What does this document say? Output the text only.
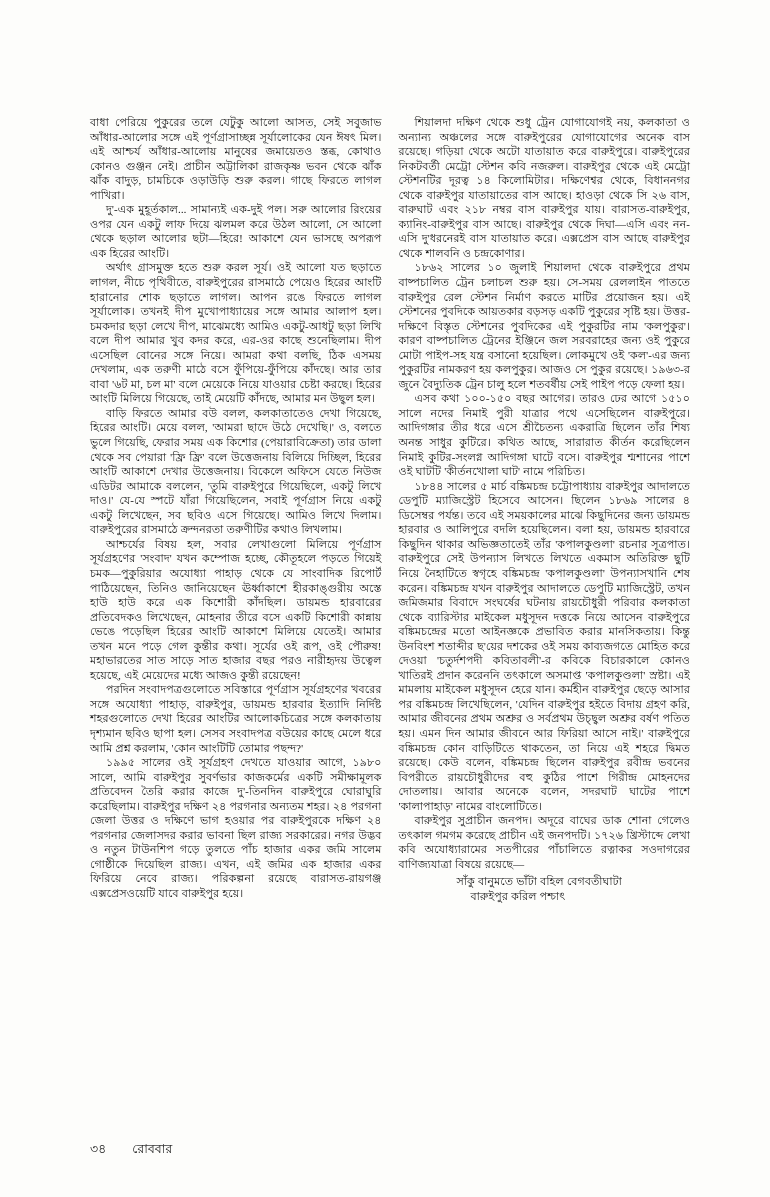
বাধা পেরিয়ে পুকুরের তলে যেটুকু আলো আসত, সেই সবুজাভ আঁধার-আলোর সঙ্গে এই পূর্ণগ্রাসাচ্ছন্ন সূর্যালোকের যেন ঈষৎ মিল। এই আশ্চর্য আঁধার-আলোয় মানুষের জমায়েতও স্তব্ধ, কোথাও কোনও গুঞ্জন নেই। প্রাচীন অট্টালিকা রাজকৃষ্ণ ভবন থেকে ঝাঁক ঝাঁক বাদুড়, চামচিকে ওড়াউড়ি শুরু করল। গাছে ফিরতে লাগল পাখিরা।

দু'-এক মুহূর্তকাল... সামান্যই এক-দুই পল। সরু আলোর রিংয়ের ওপর যেন একটু লাফ দিয়ে ঝলমল করে উঠল আলো, সে আলো থেকে ছড়াল আলোর ছটা—হিরে! আকাশে যেন ভাসছে অপরূপ এক হিরের আংটি।

অর্থাৎ গ্রাসমুক্ত হতে শুরু করল সূর্য। ওই আলো যত ছড়াতে লাগল, নীচে পৃথিবীতে, বারুইপুরের রাসমাঠে পেয়েও হিরের আংটি হারানোর শোক ছড়াতে লাগল। আপন রঙে ফিরতে লাগল সূর্যালোক। তখনই দীপ মুখোপাধ্যায়ের সঙ্গে আমার আলাপ হল। চমকদার ছড়া লেখে দীপ, মাঝেমধ্যে আমিও একটু-আধটু ছড়া লিখি বলে দীপ আমার খুব কদর করে, এর-ওর কাছে শুনেছিলাম। দীপ এসেছিল বোনের সঙ্গে নিয়ে। আমরা কথা বলছি, ঠিক এসময় দেখলাম, এক তরুণী মাঠে বসে ফুঁপিয়ে-ফুঁপিয়ে কাঁদছে। আর তার বাবা '৬ট মা, চল মা' বলে মেয়েকে নিয়ে যাওয়ার চেষ্টা করছে। হিরের আংটি মিলিয়ে গিয়েছে, তাই মেয়েটি কাঁদছে, আমার মন উছ্বল হল।

বাড়ি ফিরতে আমার বউ বলল, কলকাতাতেও দেখা গিয়েছে, হিরের আংটি। মেয়ে বলল, 'আমরা ছাদে উঠে দেখেছি।' ও, বলতে ভুলে গিয়েছি, ফেরার সময় এক কিশোর (পেয়ারাবিক্রেতা) তার ডালা থেকে সব পেয়ারা 'ফ্রি ফ্রি' বলে উত্তেজনায় বিলিয়ে দিচ্ছিল, হিরের আংটি আকাশে দেখার উত্তেজনায়। বিকেলে অফিসে যেতে নিউজ এডিটর আমাকে বললেন, 'তুমি বারুইপুরে গিয়েছিলে, একটু লিখে দাও।' যে-যে স্পটে যাঁরা গিয়েছিলেন, সবাই পূর্ণগ্রাস নিয়ে একটু একটু লিখেছেন, সব ছবিও এসে গিয়েছে। আমিও লিখে দিলাম। বারুইপুরের রাসমাঠে ক্রন্দনরতা তরুণীটির কথাও লিখলাম।

আশ্চর্যের বিষয় হল, সবার লেখাগুলো মিলিয়ে পূর্ণগ্রাস সূর্যগ্রহণের 'সংবাদ' যখন কম্পোজ হচ্ছে, কৌতূহলে পড়তে গিয়েই চমক—পুকুরিয়ার অযোধ্যা পাহাড় থেকে যে সাংবাদিক রিপোর্ট পাঠিয়েছেন, তিনিও জানিয়েছেন ঊর্ধ্বাকাশে হীরকাঙ্গুরীয় অস্তে হাউ হাউ করে এক কিশোরী কাঁদছিল। ডায়মন্ড হারবারের প্রতিবেদকও লিখেছেন, মোহনার তীরে বসে একটি কিশোরী কান্নায় ভেঙে পড়েছিল হিরের আংটি আকাশে মিলিয়ে যেতেই। আমার তখন মনে পড়ে গেল কুন্তীর কথা। সূর্যের ওই রূপ, ওই পৌরুষ! মহাভারতের সাত সাড়ে সাত হাজার বছর পরও নারীহৃদয় উত্বেল হয়েছে, এই মেয়েদের মধ্যে আজও কুন্তী রয়েছেন!

পরদিন সংবাদপত্রগুলোতে সবিস্তারে পূর্ণগ্রাস সূর্যগ্রহণের খবরের সঙ্গে অযোধ্যা পাহাড়, বারুইপুর, ডায়মন্ড হারবার ইত্যাদি নির্দিষ্ট শহরগুলোতে দেখা হিরের আংটির আলোকচিত্রের সঙ্গে কলকাতায় দৃশ্যমান ছবিও ছাপা হল। সেসব সংবাদপত্র বউয়ের কাছে মেলে ধরে আমি প্রশ্ন করলাম, 'কোন আংটিটি তোমার পছন্দ?'

১৯৯৫ সালের ওই সূর্যগ্রহণ দেখতে যাওয়ার আগে, ১৯৮০ সালে, আমি বারুইপুর সুবর্ণভার কাজকর্মের একটি সমীক্ষামূলক প্রতিবেদন তৈরি করার কাজে দু'-তিনদিন বারুইপুরে ঘোরাঘুরি করেছিলাম। বারুইপুর দক্ষিণ ২৪ পরগনার অন্যতম শহর। ২৪ পরগনা জেলা উত্তর ও দক্ষিণে ভাগ হওয়ার পর বারুইপুরকে দক্ষিণ ২৪ পরগনার জেলাসদর করার ভাবনা ছিল রাজ্য সরকারের। নগর উদ্ভব ও নতুন টাউনশিপ গড়ে তুলতে পাঁচ হাজার একর জমি সালেম গোষ্ঠীকে দিয়েছিল রাজ্য। এখন, এই জমির এক হাজার একর ফিরিয়ে নেবে রাজ্য। পরিকল্পনা রয়েছে বারাসত-রায়গঞ্জ এক্সপ্রেসওয়েটি যাবে বারুইপুর হয়ে।

শিয়ালদা দক্ষিণ থেকে শুধু ট্রেন যোগাযোগই নয়, কলকাতা ও অন্যান্য অঞ্চলের সঙ্গে বারুইপুরের যোগাযোগের অনেক বাস রয়েছে। গড়িয়া থেকে অটো যাতায়াত করে বারুইপুরে। বারুইপুরের নিকটবর্তী মেট্রো স্টেশন কবি নজরুল। বারুইপুর থেকে এই মেট্রো স্টেশনটির দূরত্ব ১৪ কিলোমিটার। দক্ষিণেশ্বর থেকে, বিধাননগর থেকে বারুইপুর যাতায়াতের বাস আছে। হাওড়া থেকে সি ২৬ বাস, বারুঘাট এবং ২১৮ নম্বর বাস বারুইপুর যায়। বারাসত-বারুইপুর, ক্যানিং-বারুইপুর বাস আছে। বারুইপুর থেকে দিঘা—এসি এবং নন-এসি দু'ধরনেরই বাস যাতায়াত করে। এক্সপ্রেস বাস আছে বারুইপুর থেকে শালবনি ও চন্দ্রকোণার।

১৮৬২ সালের ১০ জুলাই শিয়ালদা থেকে বারুইপুরে প্রথম বাষ্পচালিত ট্রেন চলাচল শুরু হয়। সে-সময় রেললাইন পাততে বারুইপুর রেল স্টেশন নির্মাণ করতে মাটির প্রয়োজন হয়। এই স্টেশনের পুবদিকে আয়তকার বড়সড় একটি পুকুরের সৃষ্টি হয়। উত্তর-দক্ষিণে বিস্তৃত স্টেশনের পুবদিকের এই পুকুরটির নাম 'কলপুকুর'। কারণ বাষ্পচালিত ট্রেনের ইঞ্জিনে জল সরবরাহের জন্য ওই পুকুরে মোটা পাইপ-সহ যন্ত্র বসানো হয়েছিল। লোকমুখে ওই 'কল'-এর জন্য পুকুরটির নামকরণ হয় কলপুকুর। আজও সে পুকুর রয়েছে। ১৯৬৩-র জুনে বৈদ্যুতিক ট্রেন চালু হলে শতবর্ষীয় সেই পাইপ পড়ে ফেলা হয়।

এসব কথা ১০০-১৫০ বছর আগের। তারও ঢের আগে ১৫১০ সালে নদের নিমাই পুরী যাত্রার পথে এসেছিলেন বারুইপুরে। আদিগঙ্গার তীর ধরে এসে শ্রীচৈতন্য একরাত্রি ছিলেন তাঁর শিষ্য অনন্ত সাধুর কুটিরে। কথিত আছে, সারারাত কীর্তন করেছিলেন নিমাই কুটির-সংলগ্ন আদিগঙ্গা ঘাটে বসে। বারুইপুর শ্মশানের পাশে ওই ঘাটটি 'কীর্তনখোলা ঘাট' নামে পরিচিত।

১৮৪৪ সালের ৫ মার্চ বঙ্কিমচন্দ্র চট্টোপাধ্যায় বারুইপুর আদালতে ডেপুটি ম্যাজিস্ট্রেট হিসেবে আসেন। ছিলেন ১৮৬৯ সালের ৪ ডিসেম্বর পর্যন্ত। তবে এই সময়কালের মাঝে কিছুদিনের জন্য ডায়মন্ড হারবার ও আলিপুরে বদলি হয়েছিলেন। বলা হয়, ডায়মন্ড হারবারে কিছুদিন থাকার অভিজ্ঞতাতেই তাঁর 'কপালকুণ্ডলা' রচনার সূত্রপাত। বারুইপুরে সেই উপন্যাস লিখতে লিখতে একমাস অতিরিক্ত ছুটি নিয়ে নৈহাটিতে স্বগৃহে বঙ্কিমচন্দ্র 'কপালকুণ্ডলা' উপন্যাসখানি শেষ করেন। বঙ্কিমচন্দ্র যখন বারুইপুর আদালতে ডেপুটি ম্যাজিস্ট্রেট, তখন জমিজমার বিবাদে সংঘর্ষের ঘটনায় রায়চৌধুরী পরিবার কলকাতা থেকে ব্যারিস্টার মাইকেল মধুসূদন দত্তকে নিয়ে আসেন বারুইপুরে বঙ্কিমচন্দ্রের মতো আইনজ্ঞকে প্রভাবিত করার মানসিকতায়। কিন্তু উনবিংশ শতাব্দীর ছ'য়ের দশকের ওই সময় কাব্যজগতে মোহিত করে দেওয়া 'চতুর্দশপদী কবিতাবলী'-র কবিকে বিচারকালে কোনও খাতিরই প্রদান করেননি তৎকালে অসমাপ্ত 'কপালকুণ্ডলা' স্রষ্টা। এই মামলায় মাইকেল মধুসূদন হেরে যান। কর্মহীন বারুইপুর ছেড়ে আসার পর বঙ্কিমচন্দ্র লিখেছিলেন, 'যেদিন বারুইপুর হইতে বিদায় গ্রহণ করি, আমার জীবনের প্রথম অশ্রুর ও সর্বপ্রথম উচ্ছ্বল অশ্রুর বর্ষণ পতিত হয়। এমন দিন আমার জীবনে আর ফিরিয়া আসে নাই।' বারুইপুরে বঙ্কিমচন্দ্র কোন বাড়িটিতে থাকতেন, তা নিয়ে এই শহরে দ্বিমত রয়েছে। কেউ বলেন, বঙ্কিমচন্দ্র ছিলেন বারুইপুর রবীন্দ্র ভবনের বিপরীতে রায়চৌধুরীদের বহু কুঠির পাশে গিরীন্দ্র মোহনদের দোতলায়। আবার অনেকে বলেন, সদরঘাট ঘাটের পাশে 'কালাপাহাড়' নামের বাংলোটিতে।

বারুইপুর সুপ্রাচীন জনপদ। অদূরে বাঘের ডাক শোনা গেলেও তৎকাল গমগম করেছে প্রাচীন এই জনপদটি। ১৭২৬ খ্রিস্টাব্দে লেখা কবি অযোধ্যারামের সতপীরের পাঁচালিতে রত্নাকর সওদাগরের বাণিজ্যযাত্রা বিষয়ে রয়েছে—

সাঁকু বানুমতে ভাঁটা বহিল বেগবতীঘাটা
বারুইপুর করিল পশ্চাৎ
৩৪ রোববার
